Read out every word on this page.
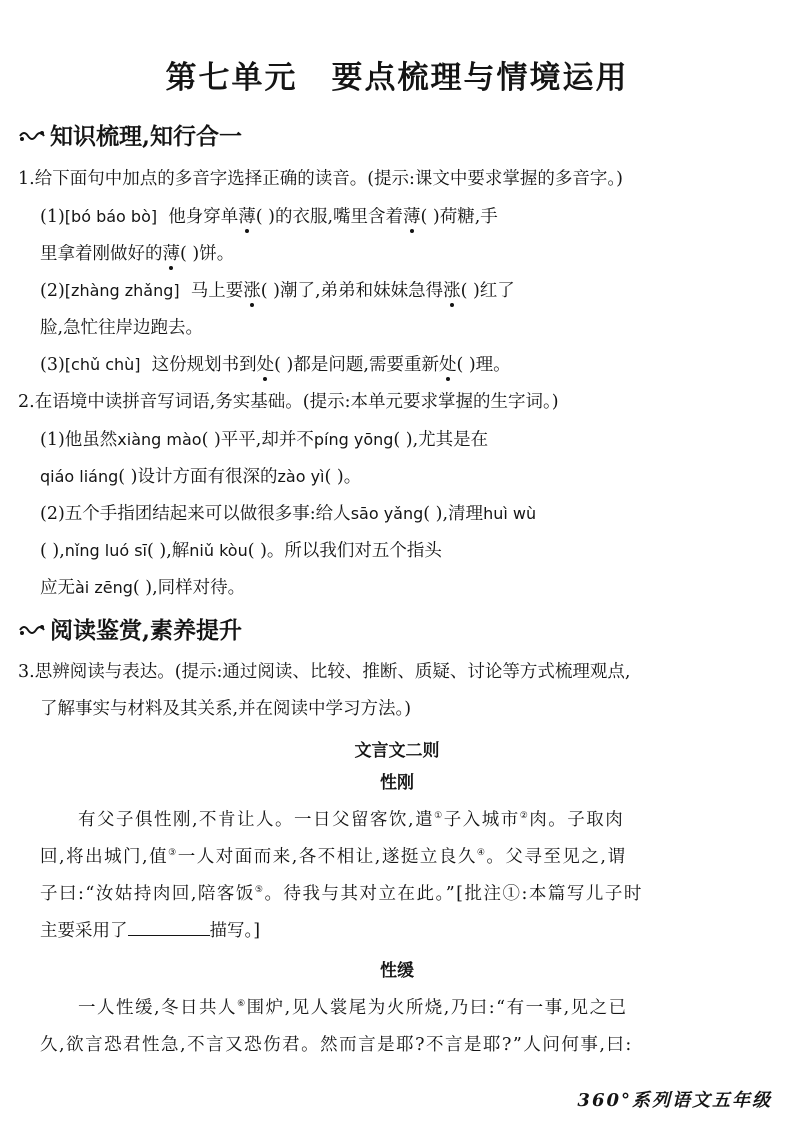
第七单元 要点梳理与情境运用
知识梳理,知行合一
1.给下面句中加点的多音字选择正确的读音。(提示:课文中要求掌握的多音字。)
(1)[bó báo bò] 他身穿单薄( )的衣服,嘴里含着薄( )荷糖,手
里拿着刚做好的薄( )饼。
(2)[zhàng zhǎng] 马上要涨( )潮了,弟弟和妹妹急得涨( )红了
脸,急忙往岸边跑去。
(3)[chǔ chù] 这份规划书到处( )都是问题,需要重新处( )理。
2.在语境中读拼音写词语,务实基础。(提示:本单元要求掌握的生字词。)
(1)他虽然xiàng mào( )平平,却并不píng yōng( ),尤其是在
qiáo liáng( )设计方面有很深的zào yì( )。
(2)五个手指团结起来可以做很多事:给人sāo yǎng( ),清理huì wù
( ),nǐng luó sī( ),解niǔ kòu( )。所以我们对五个指头
应无ài zēng( ),同样对待。
阅读鉴赏,素养提升
3.思辨阅读与表达。(提示:通过阅读、比较、推断、质疑、讨论等方式梳理观点,
了解事实与材料及其关系,并在阅读中学习方法。)
文言文二则
性刚
有父子俱性刚,不肯让人。一日父留客饮,遣①子入城市②肉。子取肉
回,将出城门,值③一人对面而来,各不相让,遂挺立良久④。父寻至见之,谓
子曰:“汝姑持肉回,陪客饭⑤。待我与其对立在此。”[批注①:本篇写儿子时
主要采用了	描写。]
性缓
一人性缓,冬日共人⑥围炉,见人裳尾为火所烧,乃曰:“有一事,见之已
久,欲言恐君性急,不言又恐伤君。然而言是耶?不言是耶?”人问何事,曰:
360°系列语文五年级
